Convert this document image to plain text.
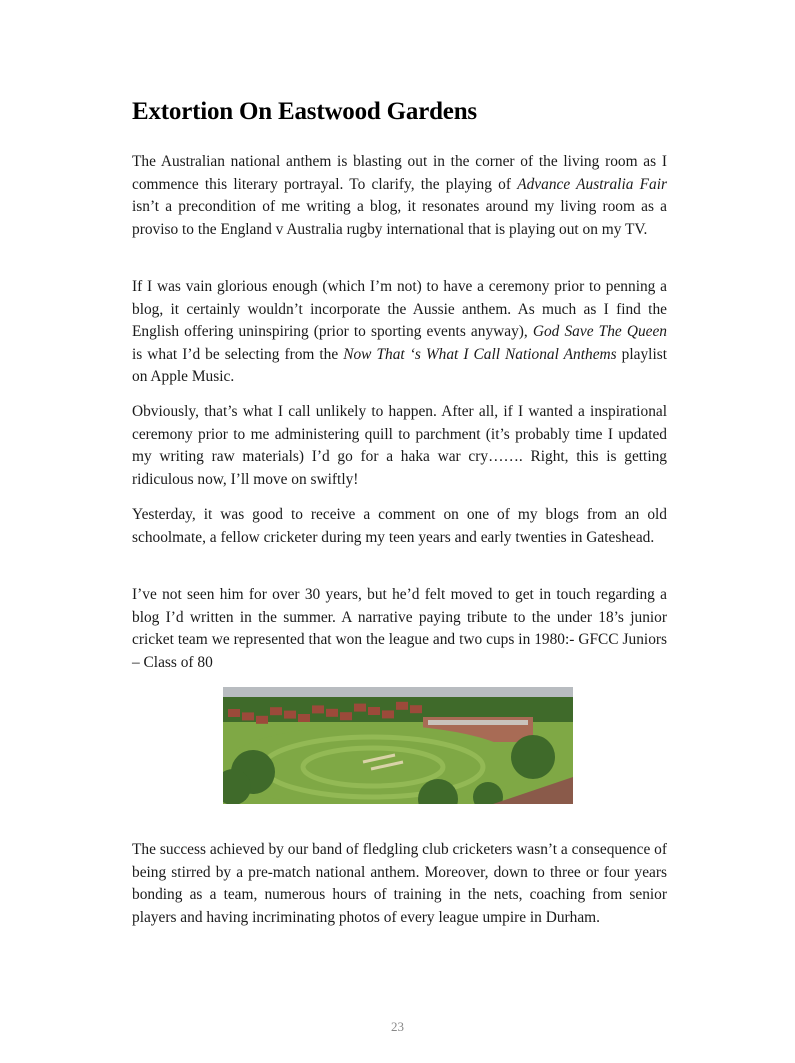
Extortion On Eastwood Gardens

The Australian national anthem is blasting out in the corner of the living room as I commence this literary portrayal. To clarify, the playing of Advance Australia Fair isn’t a precondition of me writing a blog, it resonates around my living room as a proviso to the England v Australia rugby international that is playing out on my TV.

If I was vain glorious enough (which I’m not) to have a ceremony prior to penning a blog, it certainly wouldn’t incorporate the Aussie anthem. As much as I find the English offering uninspiring (prior to sporting events anyway), God Save The Queen is what I’d be selecting from the Now That ‘s What I Call National Anthems playlist on Apple Music.

Obviously, that’s what I call unlikely to happen. After all, if I wanted a inspirational ceremony prior to me administering quill to parchment (it’s probably time I updated my writing raw materials) I’d go for a haka war cry……. Right, this is getting ridiculous now, I’ll move on swiftly!

Yesterday, it was good to receive a comment on one of my blogs from an old schoolmate, a fellow cricketer during my teen years and early twenties in Gateshead.

I’ve not seen him for over 30 years, but he’d felt moved to get in touch regarding a blog I’d written in the summer. A narrative paying tribute to the under 18’s junior cricket team we represented that won the league and two cups in 1980:- GFCC Juniors – Class of 80

The success achieved by our band of fledgling club cricketers wasn’t a consequence of being stirred by a pre-match national anthem. Moreover, down to three or four years bonding as a team, numerous hours of training in the nets, coaching from senior players and having incriminating photos of every league umpire in Durham.

23
